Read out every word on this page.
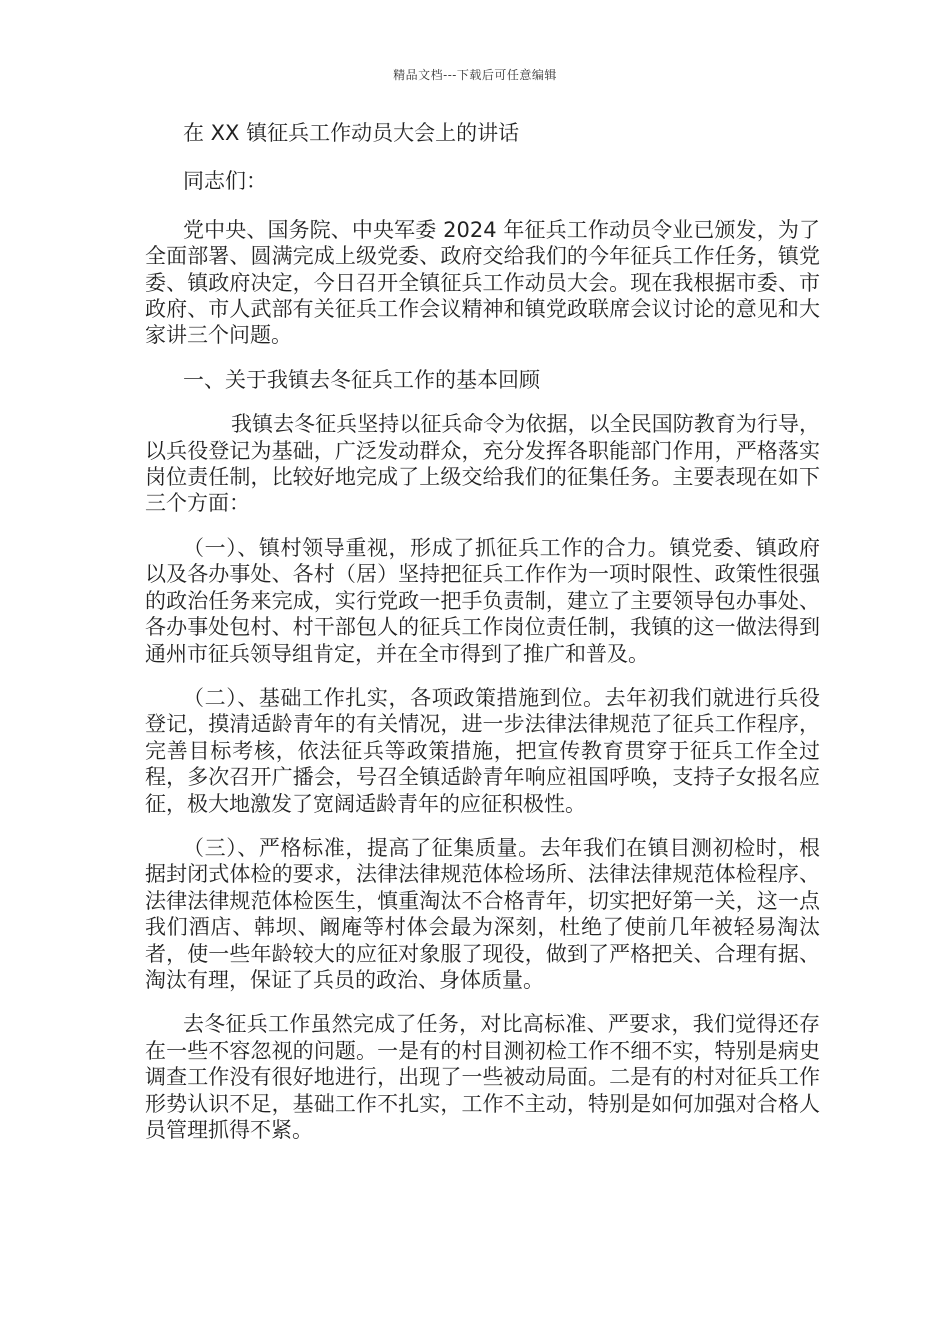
精品文档---下载后可任意编辑

在 XX 镇征兵工作动员大会上的讲话

同志们：

党中央、国务院、中央军委 2024 年征兵工作动员令业已颁发，为了全面部署、圆满完成上级党委、政府交给我们的今年征兵工作任务，镇党委、镇政府决定，今日召开全镇征兵工作动员大会。现在我根据市委、市政府、市人武部有关征兵工作会议精神和镇党政联席会议讨论的意见和大家讲三个问题。

一、关于我镇去冬征兵工作的基本回顾

我镇去冬征兵坚持以征兵命令为依据，以全民国防教育为行导，以兵役登记为基础，广泛发动群众，充分发挥各职能部门作用，严格落实岗位责任制，比较好地完成了上级交给我们的征集任务。主要表现在如下三个方面：

（一）、镇村领导重视，形成了抓征兵工作的合力。镇党委、镇政府以及各办事处、各村（居）坚持把征兵工作作为一项时限性、政策性很强的政治任务来完成，实行党政一把手负责制，建立了主要领导包办事处、各办事处包村、村干部包人的征兵工作岗位责任制，我镇的这一做法得到通州市征兵领导组肯定，并在全市得到了推广和普及。

（二）、基础工作扎实，各项政策措施到位。去年初我们就进行兵役登记，摸清适龄青年的有关情况，进一步法律法律规范了征兵工作程序，完善目标考核，依法征兵等政策措施，把宣传教育贯穿于征兵工作全过程，多次召开广播会，号召全镇适龄青年响应祖国呼唤，支持子女报名应征，极大地激发了宽阔适龄青年的应征积极性。

（三）、严格标准，提高了征集质量。去年我们在镇目测初检时，根据封闭式体检的要求，法律法律规范体检场所、法律法律规范体检程序、法律法律规范体检医生，慎重淘汰不合格青年，切实把好第一关，这一点我们酒店、韩坝、阚庵等村体会最为深刻，杜绝了使前几年被轻易淘汰者，使一些年龄较大的应征对象服了现役，做到了严格把关、合理有据、淘汰有理，保证了兵员的政治、身体质量。

去冬征兵工作虽然完成了任务，对比高标准、严要求，我们觉得还存在一些不容忽视的问题。一是有的村目测初检工作不细不实，特别是病史调查工作没有很好地进行，出现了一些被动局面。二是有的村对征兵工作形势认识不足，基础工作不扎实，工作不主动，特别是如何加强对合格人员管理抓得不紧。
